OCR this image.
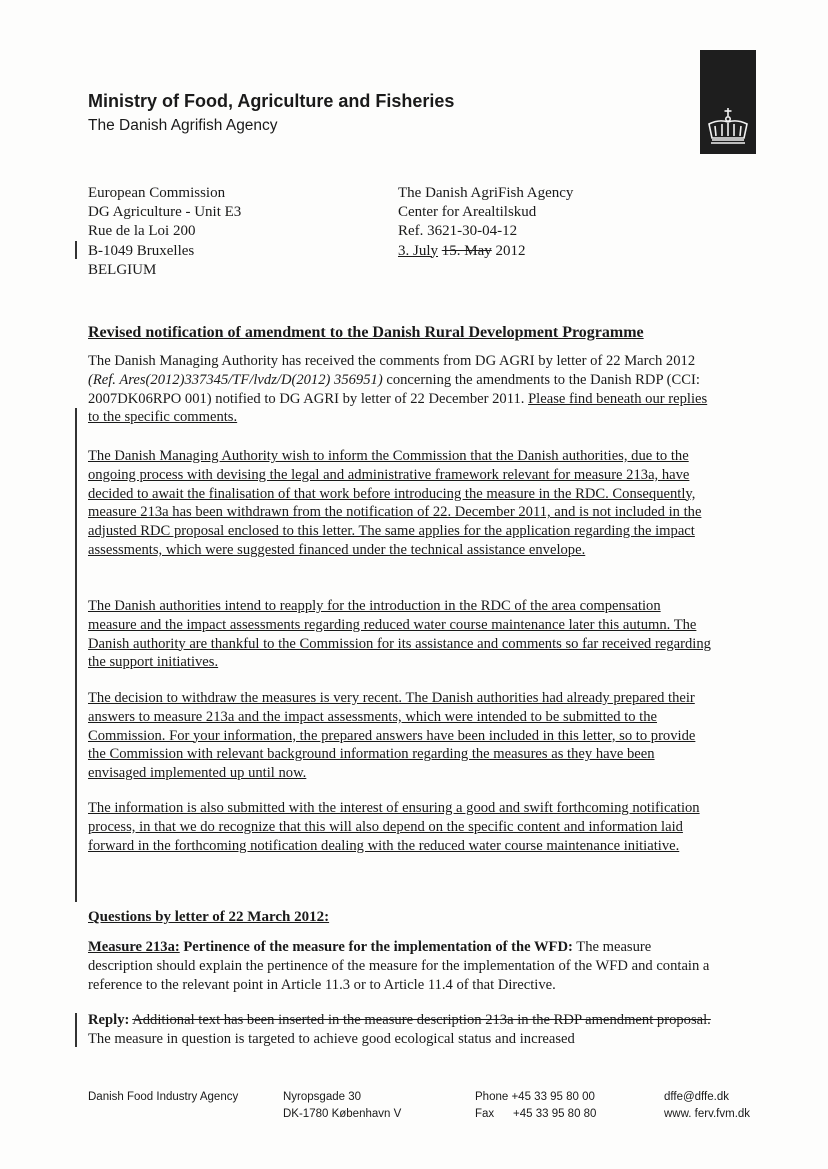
Ministry of Food, Agriculture and Fisheries
The Danish Agrifish Agency
European Commission
DG Agriculture - Unit E3
Rue de la Loi 200
B-1049 Bruxelles
BELGIUM
The Danish AgriFish Agency
Center for Arealtilskud
Ref. 3621-30-04-12
3. July 15. May 2012
Revised notification of amendment to the Danish Rural Development Programme
The Danish Managing Authority has received the comments from DG AGRI by letter of 22 March 2012 (Ref. Ares(2012)337345/TF/lvdz/D(2012) 356951) concerning the amendments to the Danish RDP (CCI: 2007DK06RPO 001) notified to DG AGRI by letter of 22 December 2011. Please find beneath our replies to the specific comments.

The Danish Managing Authority wish to inform the Commission that the Danish authorities, due to the ongoing process with devising the legal and administrative framework relevant for measure 213a, have decided to await the finalisation of that work before introducing the measure in the RDC. Consequently, measure 213a has been withdrawn from the notification of 22. December 2011, and is not included in the adjusted RDC proposal enclosed to this letter. The same applies for the application regarding the impact assessments, which were suggested financed under the technical assistance envelope.

The Danish authorities intend to reapply for the introduction in the RDC of the area compensation measure and the impact assessments regarding reduced water course maintenance later this autumn. The Danish authority are thankful to the Commission for its assistance and comments so far received regarding the support initiatives.

The decision to withdraw the measures is very recent. The Danish authorities had already prepared their answers to measure 213a and the impact assessments, which were intended to be submitted to the Commission. For your information, the prepared answers have been included in this letter, so to provide the Commission with relevant background information regarding the measures as they have been envisaged implemented up until now.

The information is also submitted with the interest of ensuring a good and swift forthcoming notification process, in that we do recognize that this will also depend on the specific content and information laid forward in the forthcoming notification dealing with the reduced water course maintenance initiative.

Questions by letter of 22 March 2012:
Measure 213a: Pertinence of the measure for the implementation of the WFD: The measure description should explain the pertinence of the measure for the implementation of the WFD and contain a reference to the relevant point in Article 11.3 or to Article 11.4 of that Directive.
Reply: Additional text has been inserted in the measure description 213a in the RDP amendment proposal. The measure in question is targeted to achieve good ecological status and increased
Danish Food Industry Agency	Nyropsgade 30
DK-1780 København V
Phone +45 33 95 80 00
Fax +45 33 95 80 80
dffe@dffe.dk
www. ferv.fvm.dk
